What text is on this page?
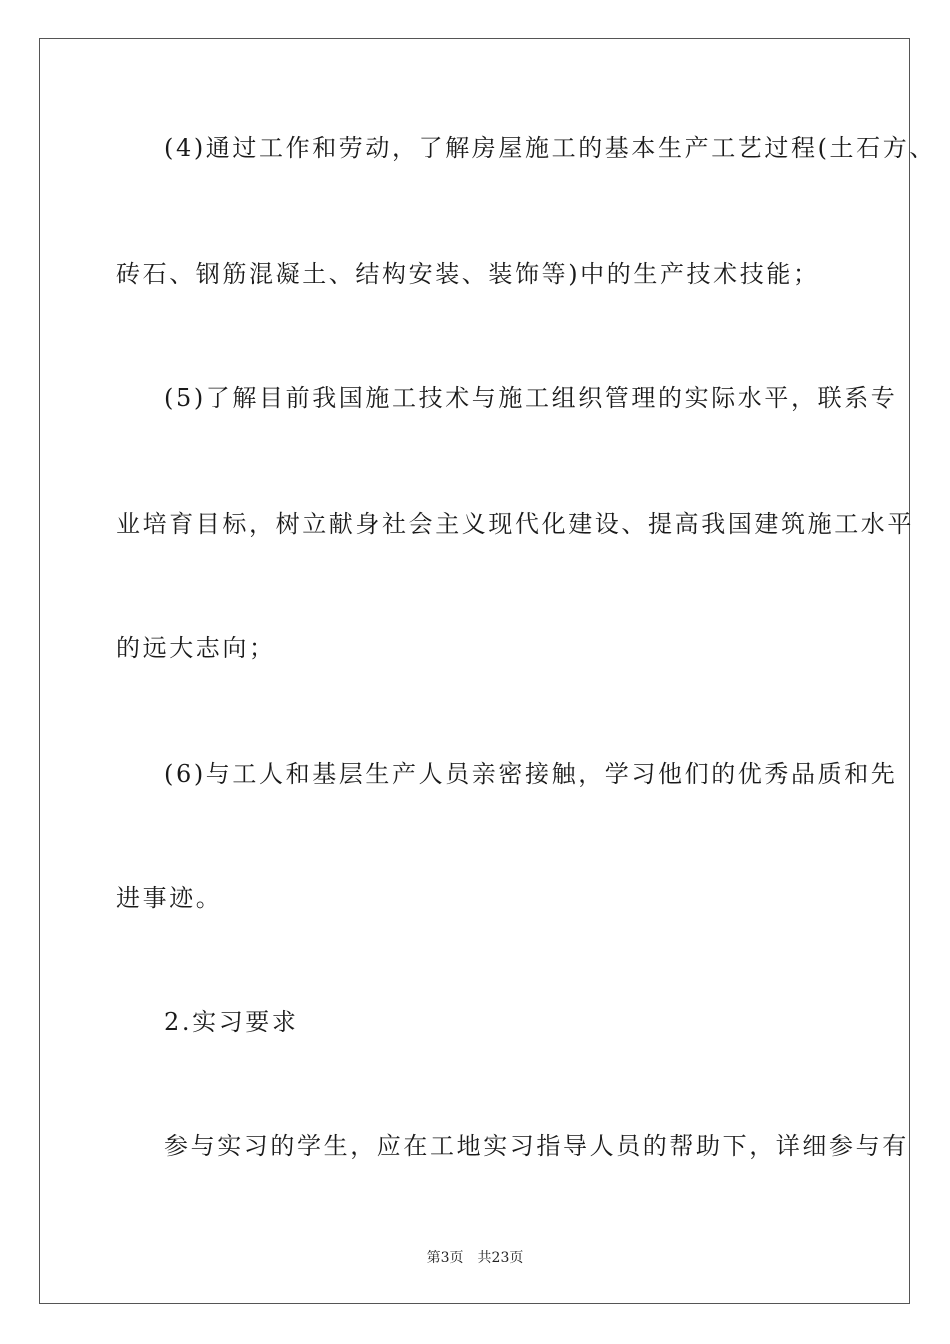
(4)通过工作和劳动，了解房屋施工的基本生产工艺过程(土石方、
砖石、钢筋混凝土、结构安装、装饰等)中的生产技术技能；
(5)了解目前我国施工技术与施工组织管理的实际水平，联系专
业培育目标，树立献身社会主义现代化建设、提高我国建筑施工水平
的远大志向；
(6)与工人和基层生产人员亲密接触，学习他们的优秀品质和先
进事迹。
2.实习要求
参与实习的学生，应在工地实习指导人员的帮助下，详细参与有
第3页 共23页
